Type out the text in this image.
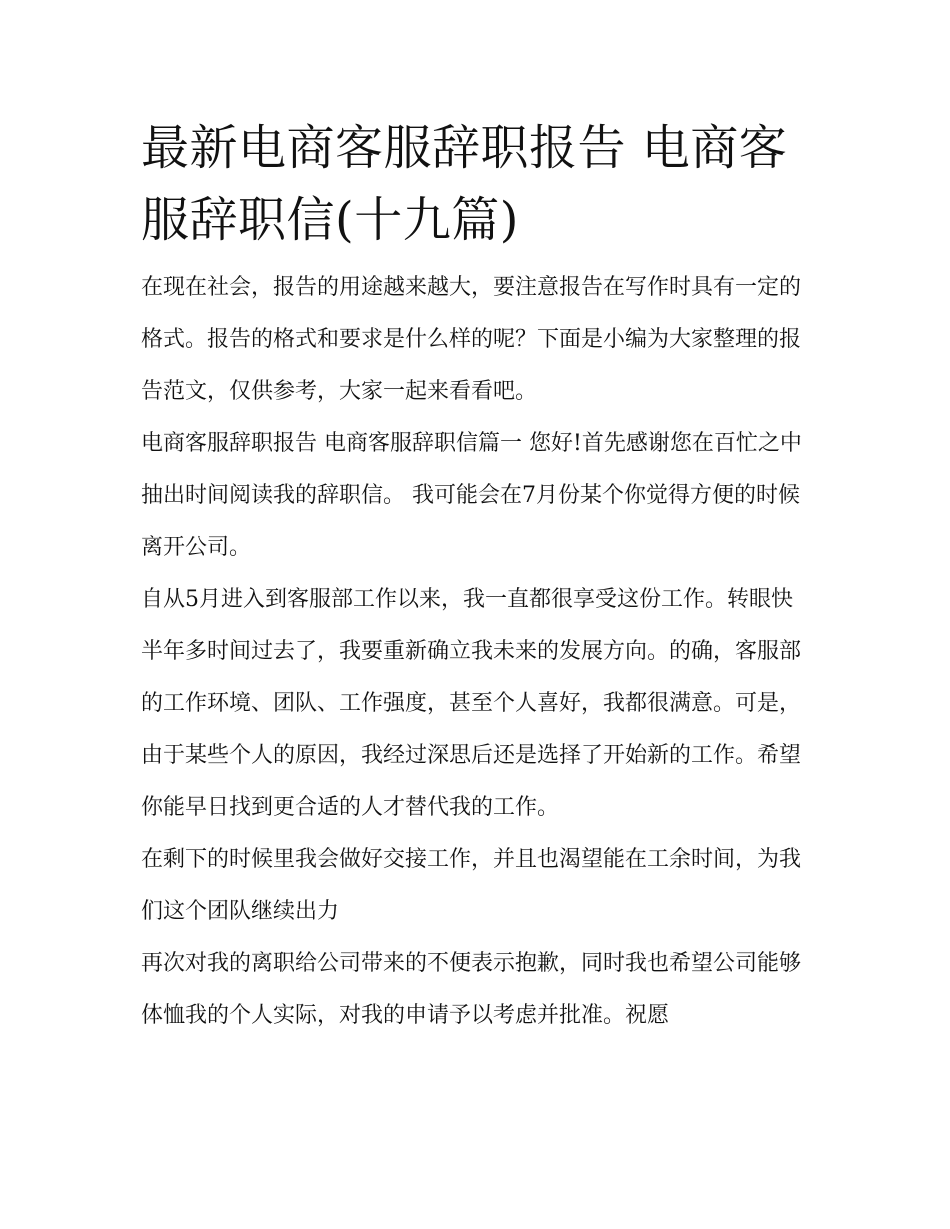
最新电商客服辞职报告 电商客
服辞职信(十九篇)

在现在社会，报告的用途越来越大，要注意报告在写作时具有一定的格式。报告的格式和要求是什么样的呢？下面是小编为大家整理的报告范文，仅供参考，大家一起来看看吧。

电商客服辞职报告 电商客服辞职信篇一 您好!首先感谢您在百忙之中抽出时间阅读我的辞职信。 我可能会在7月份某个你觉得方便的时候离开公司。

自从5月进入到客服部工作以来，我一直都很享受这份工作。转眼快半年多时间过去了，我要重新确立我未来的发展方向。的确，客服部的工作环境、团队、工作强度，甚至个人喜好，我都很满意。可是，由于某些个人的原因，我经过深思后还是选择了开始新的工作。希望你能早日找到更合适的人才替代我的工作。

在剩下的时候里我会做好交接工作，并且也渴望能在工余时间，为我们这个团队继续出力

再次对我的离职给公司带来的不便表示抱歉，同时我也希望公司能够体恤我的个人实际，对我的申请予以考虑并批准。祝愿
